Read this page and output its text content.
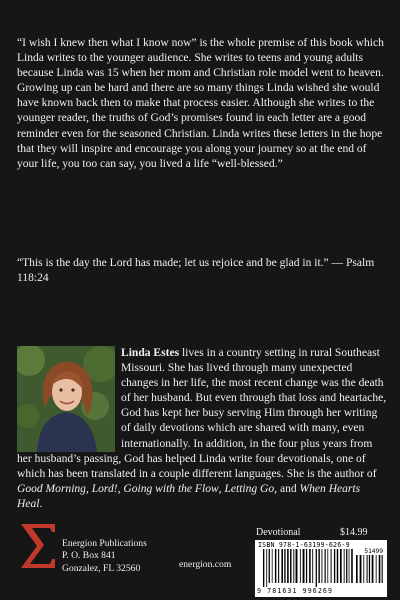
“I wish I knew then what I know now” is the whole premise of this book which Linda writes to the younger audience. She writes to teens and young adults because Linda was 15 when her mom and Christian role model went to heaven. Growing up can be hard and there are so many things Linda wished she would have known back then to make that process easier. Although she writes to the younger reader, the truths of God’s promises found in each letter are a good reminder even for the seasoned Christian. Linda writes these letters in the hope that they will inspire and encourage you along your journey so at the end of your life, you too can say, you lived a life “well-blessed.”

“This is the day the Lord has made; let us rejoice and be glad in it.” — Psalm 118:24

Linda Estes lives in a country setting in rural Southeast Missouri. She has lived through many unexpected changes in her life, the most recent change was the death of her husband. But even through that loss and heartache, God has kept her busy serving Him through her writing of daily devotions which are shared with many, even internationally. In addition, in the four plus years from her husband’s passing, God has helped Linda write four devotionals, one of which has been translated in a couple different languages. She is the author of Good Morning, Lord!, Going with the Flow, Letting Go, and When Hearts Heal.

Energion Publications
P. O. Box 841
Gonzalez, FL 32560	energion.com
Devotional	$14.99
ISBN 978-1-63199-626-9
51499
9 781631 996269
